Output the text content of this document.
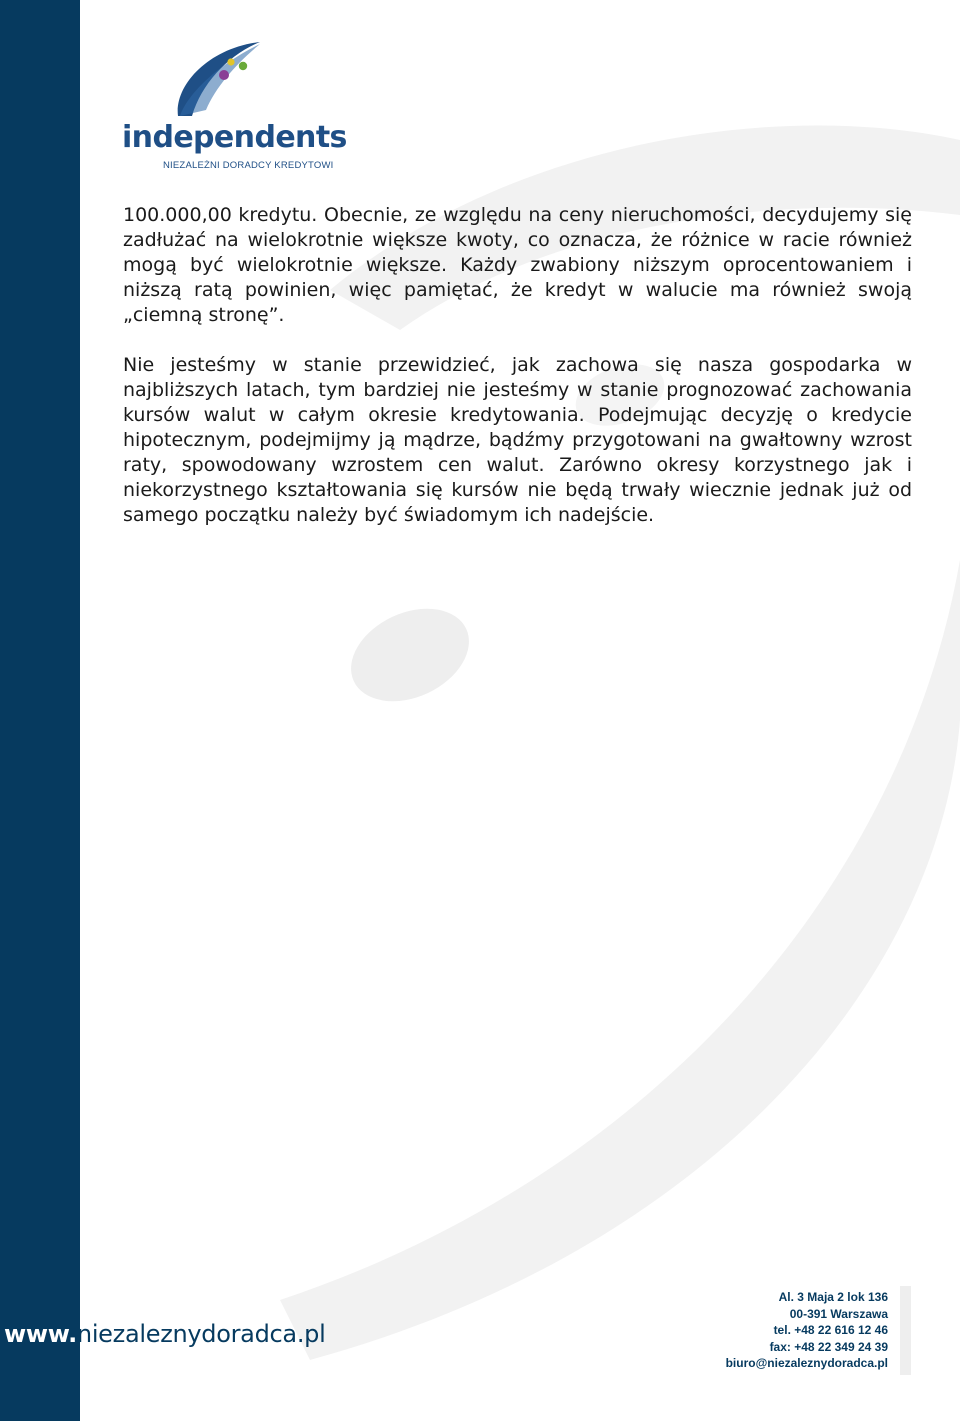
independents
NIEZALEŻNI DORADCY KREDYTOWI

100.000,00 kredytu. Obecnie, ze względu na ceny nieruchomości, decydujemy się zadłużać na wielokrotnie większe kwoty, co oznacza, że różnice w racie również mogą być wielokrotnie większe. Każdy zwabiony niższym oprocentowaniem i niższą ratą powinien, więc pamiętać, że kredyt w walucie ma również swoją „ciemną stronę”.

Nie jesteśmy w stanie przewidzieć, jak zachowa się nasza gospodarka w najbliższych latach, tym bardziej nie jesteśmy w stanie prognozować zachowania kursów walut w całym okresie kredytowania. Podejmując decyzję o kredycie hipotecznym, podejmijmy ją mądrze, bądźmy przygotowani na gwałtowny wzrost raty, spowodowany wzrostem cen walut. Zarówno okresy korzystnego jak i niekorzystnego kształtowania się kursów nie będą trwały wiecznie jednak już od samego początku należy być świadomym ich nadejście.

www.niezaleznydoradca.pl
Al. 3 Maja 2 lok 136
00-391 Warszawa
tel. +48 22 616 12 46
fax: +48 22 349 24 39
biuro@niezaleznydoradca.pl
